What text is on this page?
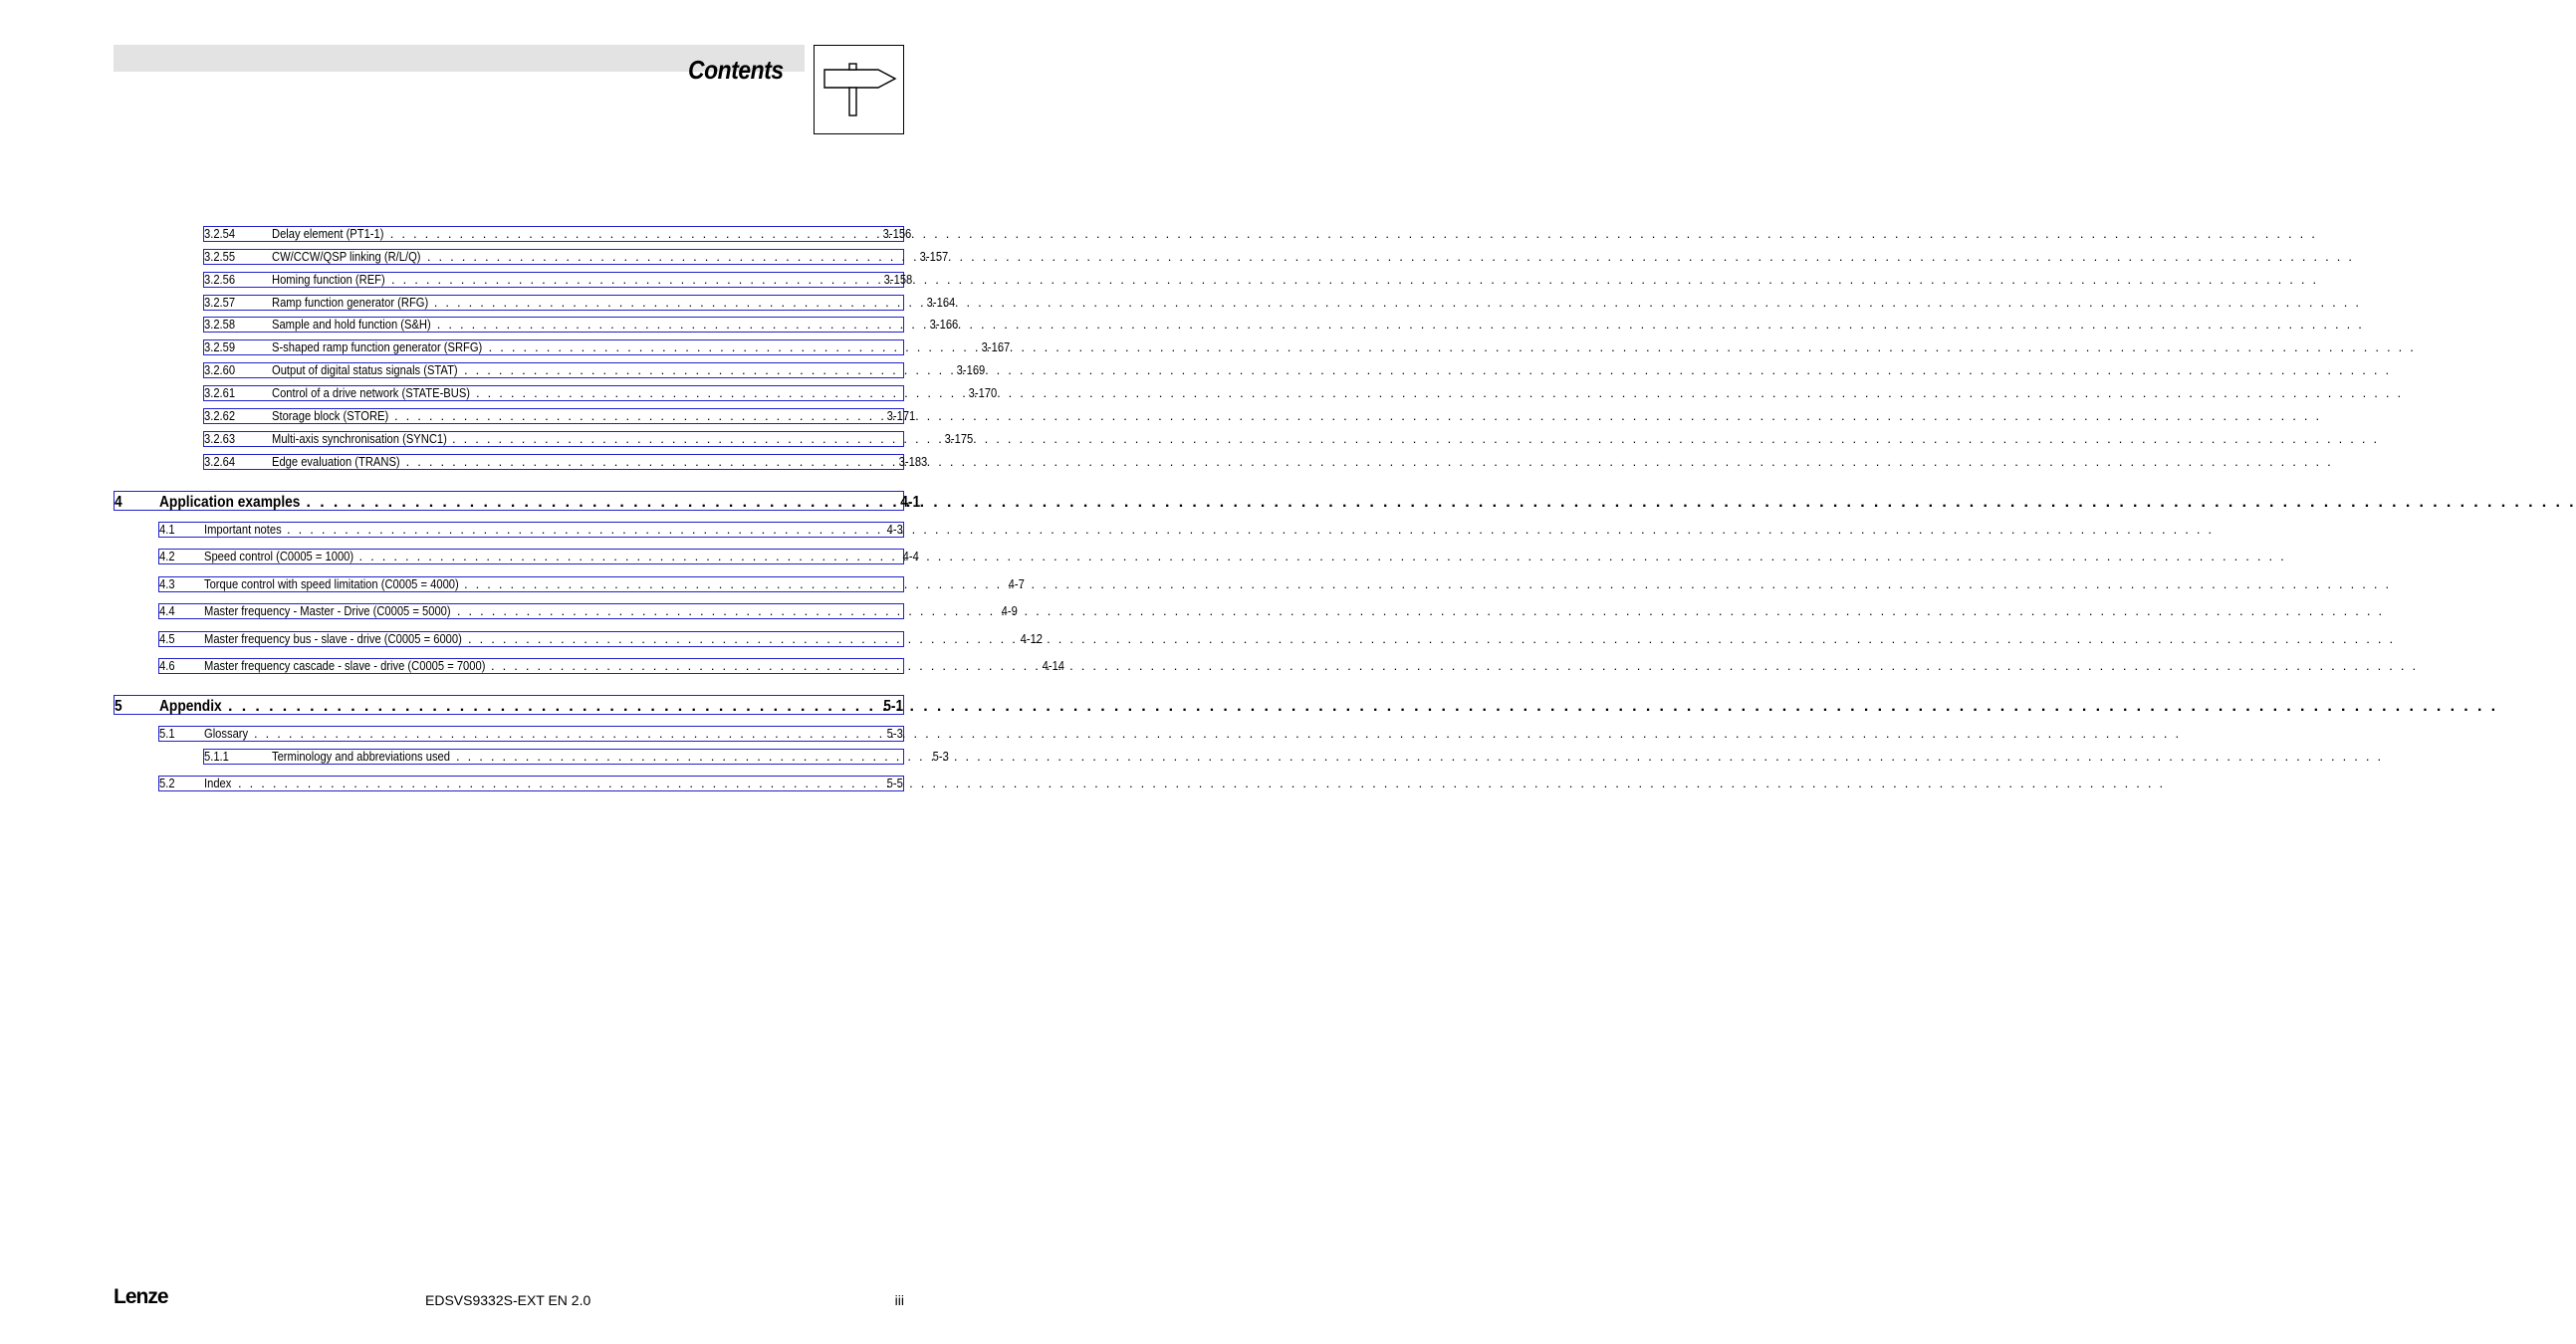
Contents
3.2.54	Delay element (PT1-1) . . .	3-156
3.2.55	CW/CCW/QSP linking (R/L/Q) . . .	3-157
3.2.56	Homing function (REF) . . .	3-158
3.2.57	Ramp function generator (RFG) . . .	3-164
3.2.58	Sample and hold function (S&H) . . .	3-166
3.2.59	S-shaped ramp function generator (SRFG) . . .	3-167
3.2.60	Output of digital status signals (STAT) . . .	3-169
3.2.61	Control of a drive network (STATE-BUS) . . .	3-170
3.2.62	Storage block (STORE) . . .	3-171
3.2.63	Multi-axis synchronisation (SYNC1) . . .	3-175
3.2.64	Edge evaluation (TRANS) . . .	3-183
4	Application examples . . .	4-1
4.1	Important notes . . .	4-3
4.2	Speed control (C0005 = 1000) . . .	4-4
4.3	Torque control with speed limitation (C0005 = 4000) . . .	4-7
4.4	Master frequency - Master - Drive (C0005 = 5000) . . .	4-9
4.5	Master frequency bus - slave - drive (C0005 = 6000) . . .	4-12
4.6	Master frequency cascade - slave - drive (C0005 = 7000) . . .	4-14
5	Appendix . . .	5-1
5.1	Glossary . . .	5-3
5.1.1	Terminology and abbreviations used . . .	5-3
5.2	Index . . .	5-5
Lenze	EDSVS9332S-EXT EN 2.0	iii
